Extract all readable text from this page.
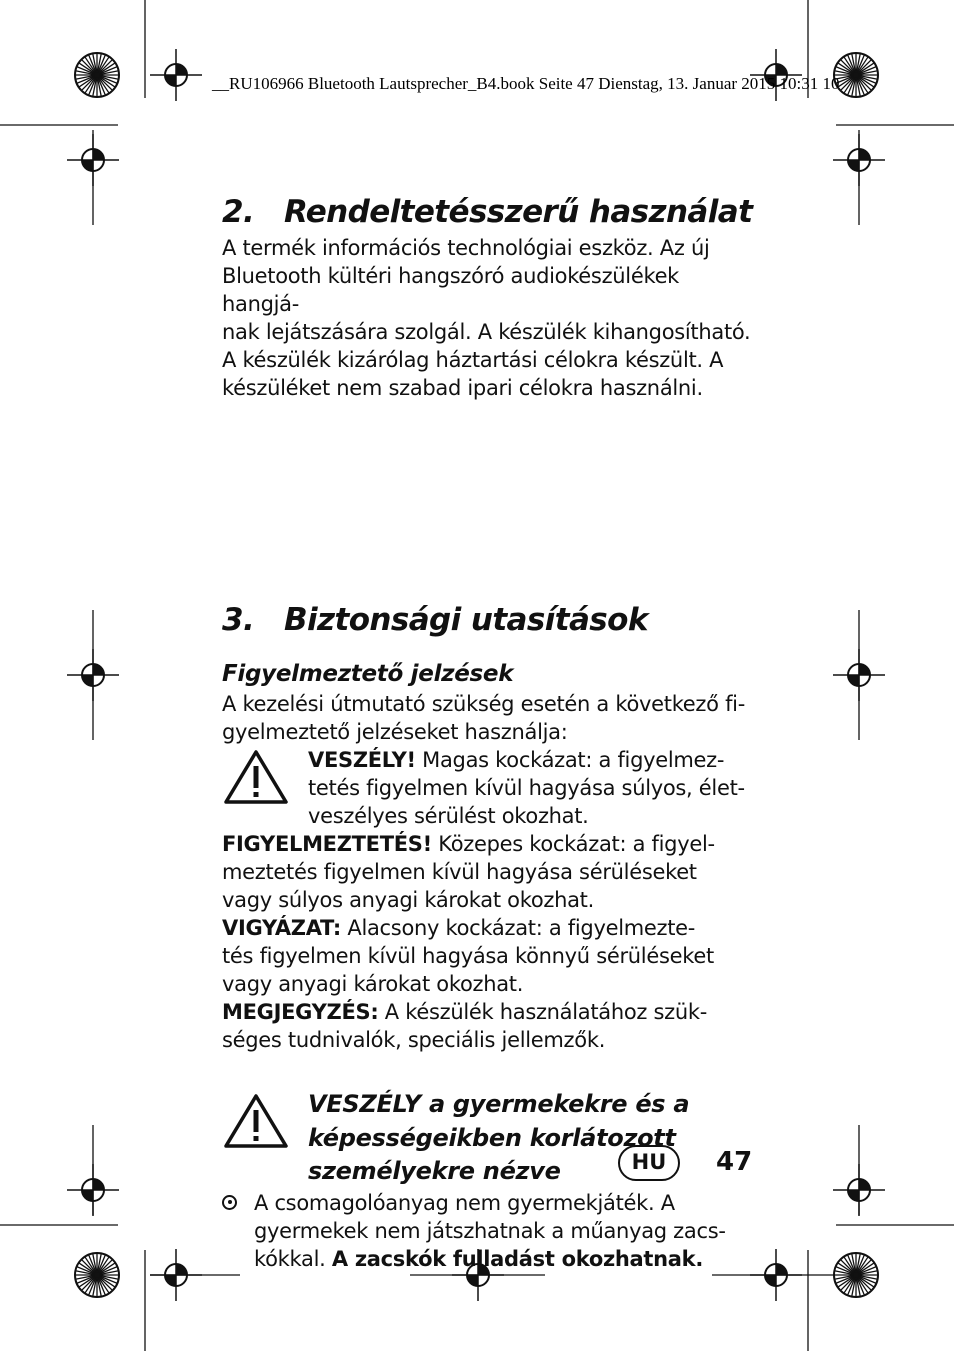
__RU106966 Bluetooth Lautsprecher_B4.book Seite 47 Dienstag, 13. Januar 2015 10:31 10
2. Rendeltetésszerű használat

A termék információs technológiai eszköz. Az új

Bluetooth kültéri hangszóró audiokészülékek hangjá-

nak lejátszására szolgál. A készülék kihangosítható.

A készülék kizárólag háztartási célokra készült. A

készüléket nem szabad ipari célokra használni.

3. Biztonsági utasítások
Figyelmeztető jelzések

A kezelési útmutató szükség esetén a következő fi-

gyelmeztető jelzéseket használja:

VESZÉLY! Magas kockázat: a figyelmez-

tetés figyelmen kívül hagyása súlyos, élet-

veszélyes sérülést okozhat.

FIGYELMEZTETÉS! Közepes kockázat: a figyel-

meztetés figyelmen kívül hagyása sérüléseket

vagy súlyos anyagi károkat okozhat.

VIGYÁZAT: Alacsony kockázat: a figyelmezte-

tés figyelmen kívül hagyása könnyű sérüléseket

vagy anyagi károkat okozhat.

MEGJEGYZÉS: A készülék használatához szük-

séges tudnivalók, speciális jellemzők.

VESZÉLY a gyermekekre és a
képességeikben korlátozott
személyekre nézve

A csomagolóanyag nem gyermekjáték. A

gyermekek nem játszhatnak a műanyag zacs-

kókkal. A zacskók fulladást okozhatnak.

HU	47
